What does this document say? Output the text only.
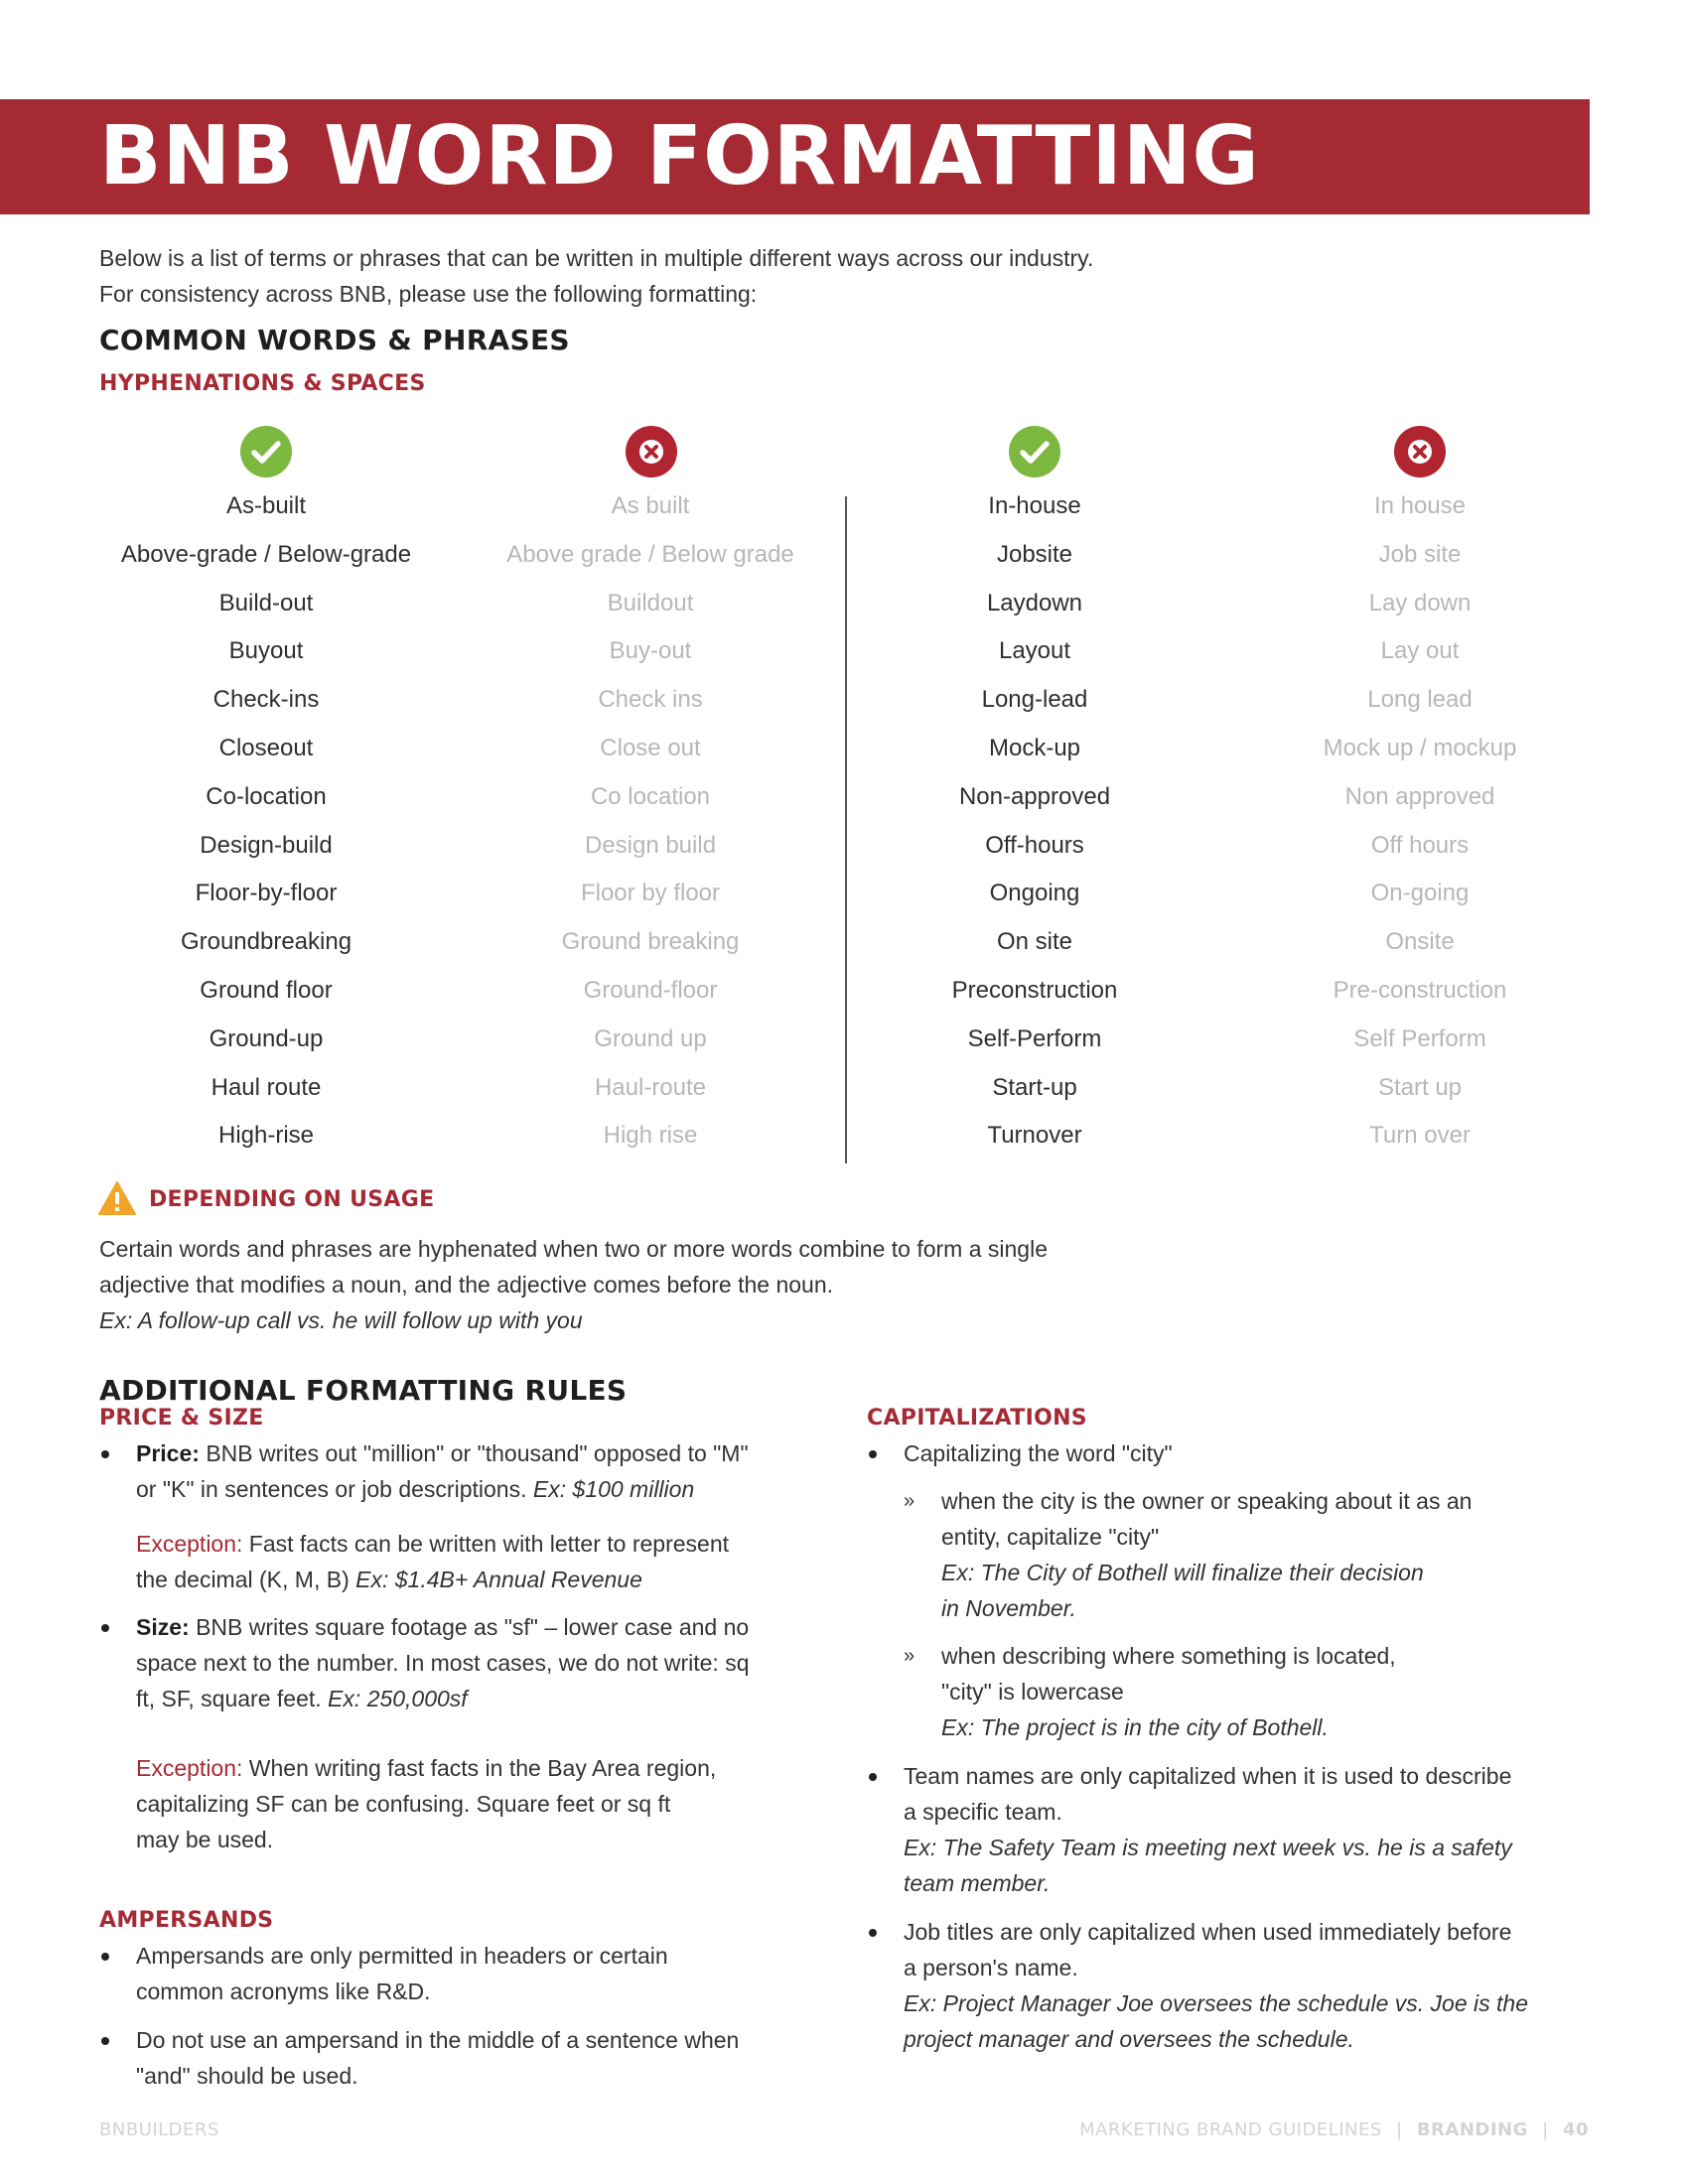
BNB WORD FORMATTING
Below is a list of terms or phrases that can be written in multiple different ways across our industry.
For consistency across BNB, please use the following formatting:
COMMON WORDS & PHRASES
HYPHENATIONS & SPACES
As-built
Above-grade / Below-grade
Build-out
Buyout
Check-ins
Closeout
Co-location
Design-build
Floor-by-floor
Groundbreaking
Ground floor
Ground-up
Haul route
High-rise
As built
Above grade / Below grade
Buildout
Buy-out
Check ins
Close out
Co location
Design build
Floor by floor
Ground breaking
Ground-floor
Ground up
Haul-route
High rise
In-house
Jobsite
Laydown
Layout
Long-lead
Mock-up
Non-approved
Off-hours
Ongoing
On site
Preconstruction
Self-Perform
Start-up
Turnover
In house
Job site
Lay down
Lay out
Long lead
Mock up / mockup
Non approved
Off hours
On-going
Onsite
Pre-construction
Self Perform
Start up
Turn over
DEPENDING ON USAGE
Certain words and phrases are hyphenated when two or more words combine to form a single
adjective that modifies a noun, and the adjective comes before the noun.
Ex: A follow-up call vs. he will follow up with you
ADDITIONAL FORMATTING RULES
PRICE & SIZE
Price: BNB writes out "million" or "thousand" opposed to "M"
or "K" in sentences or job descriptions. Ex: $100 million
Exception: Fast facts can be written with letter to represent
the decimal (K, M, B) Ex: $1.4B+ Annual Revenue
Size: BNB writes square footage as "sf" – lower case and no
space next to the number. In most cases, we do not write: sq
ft, SF, square feet. Ex: 250,000sf
Exception: When writing fast facts in the Bay Area region,
capitalizing SF can be confusing. Square feet or sq ft
may be used.
AMPERSANDS
Ampersands are only permitted in headers or certain
common acronyms like R&D.
Do not use an ampersand in the middle of a sentence when
"and" should be used.
CAPITALIZATIONS
Capitalizing the word "city"
» when the city is the owner or speaking about it as an
entity, capitalize "city"
Ex: The City of Bothell will finalize their decision
in November.
» when describing where something is located,
"city" is lowercase
Ex: The project is in the city of Bothell.
Team names are only capitalized when it is used to describe
a specific team.
Ex: The Safety Team is meeting next week vs. he is a safety
team member.
Job titles are only capitalized when used immediately before
a person's name.
Ex: Project Manager Joe oversees the schedule vs. Joe is the
project manager and oversees the schedule.
BNBUILDERS	MARKETING BRAND GUIDELINES | BRANDING | 40
